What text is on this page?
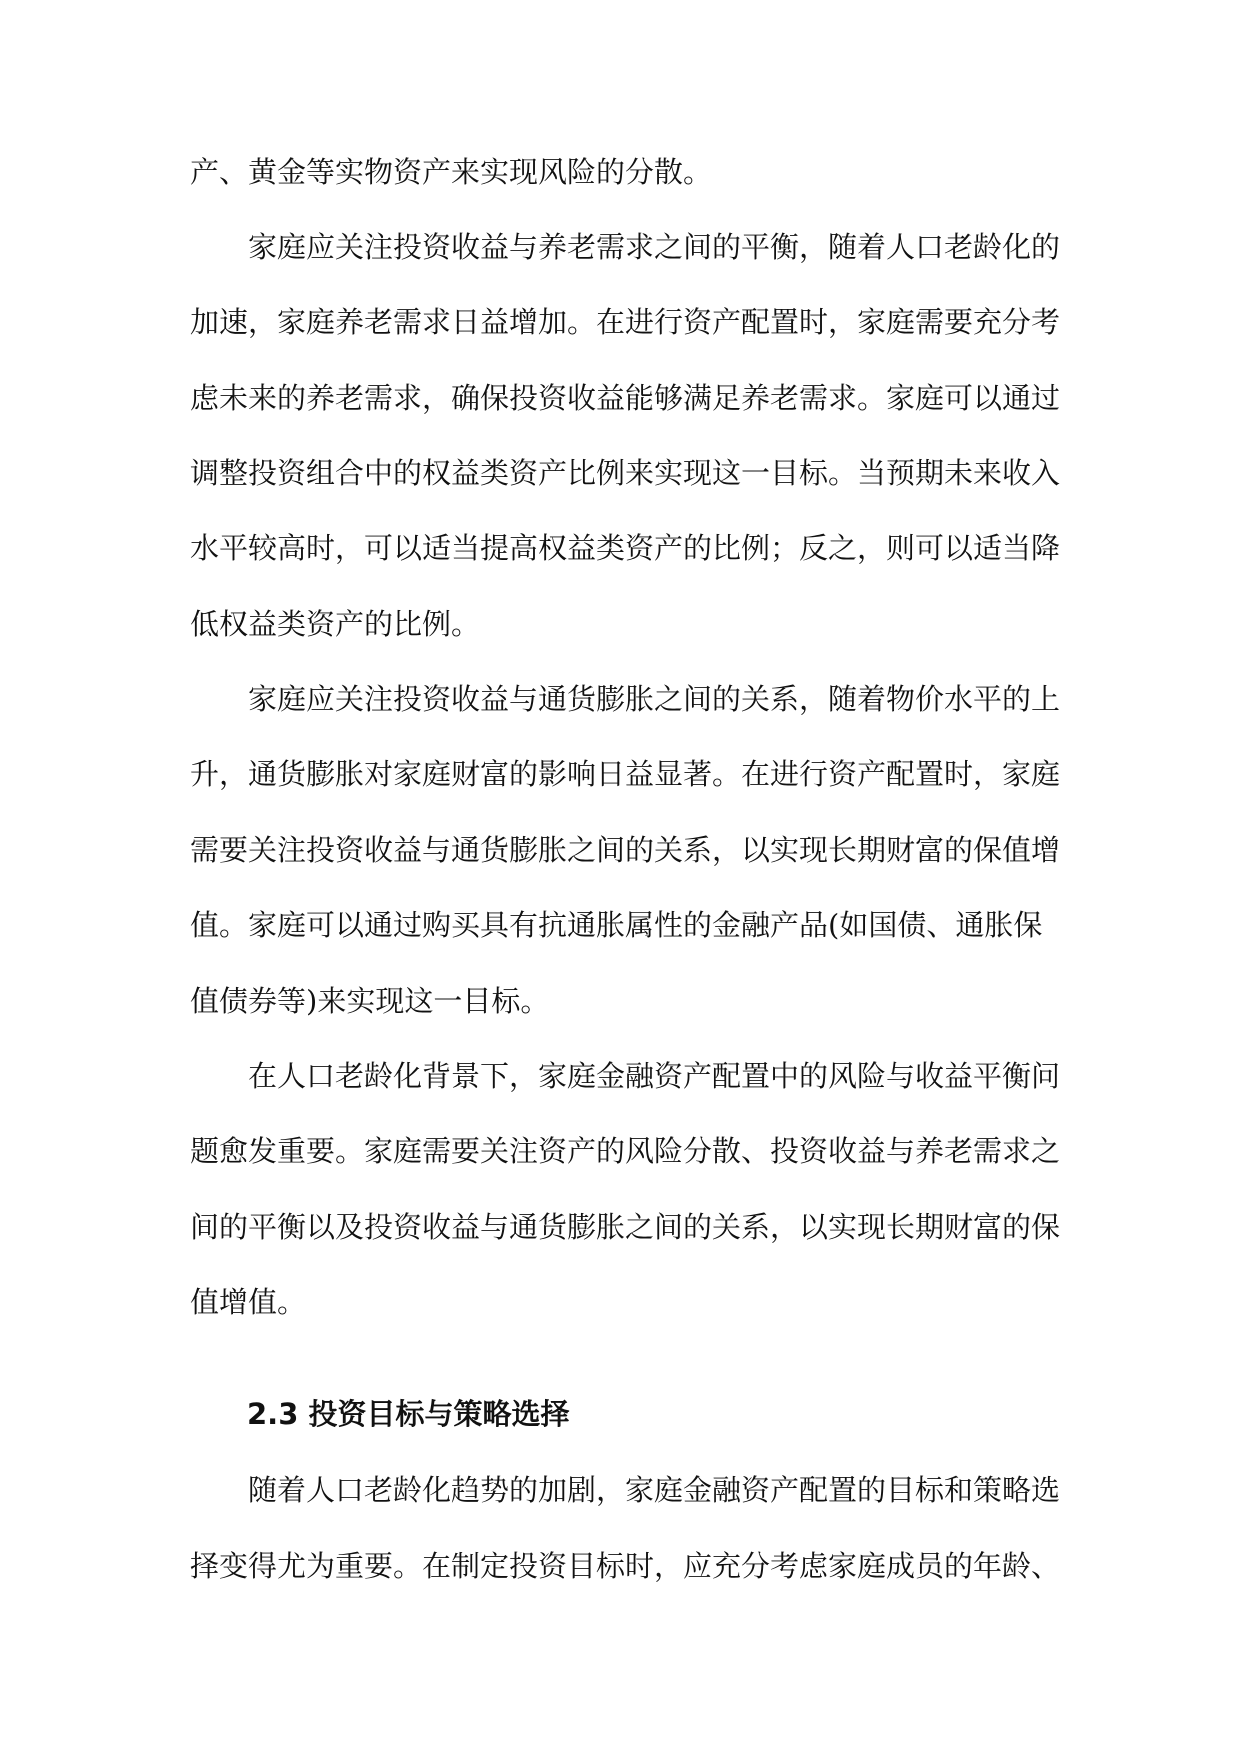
产、黄金等实物资产来实现风险的分散。
　　家庭应关注投资收益与养老需求之间的平衡，随着人口老龄化的
加速，家庭养老需求日益增加。在进行资产配置时，家庭需要充分考
虑未来的养老需求，确保投资收益能够满足养老需求。家庭可以通过
调整投资组合中的权益类资产比例来实现这一目标。当预期未来收入
水平较高时，可以适当提高权益类资产的比例；反之，则可以适当降
低权益类资产的比例。
　　家庭应关注投资收益与通货膨胀之间的关系，随着物价水平的上
升，通货膨胀对家庭财富的影响日益显著。在进行资产配置时，家庭
需要关注投资收益与通货膨胀之间的关系，以实现长期财富的保值增
值。家庭可以通过购买具有抗通胀属性的金融产品(如国债、通胀保
值债券等)来实现这一目标。
　　在人口老龄化背景下，家庭金融资产配置中的风险与收益平衡问
题愈发重要。家庭需要关注资产的风险分散、投资收益与养老需求之
间的平衡以及投资收益与通货膨胀之间的关系，以实现长期财富的保
值增值。
2.3 投资目标与策略选择
　　随着人口老龄化趋势的加剧，家庭金融资产配置的目标和策略选
择变得尤为重要。在制定投资目标时，应充分考虑家庭成员的年龄、
